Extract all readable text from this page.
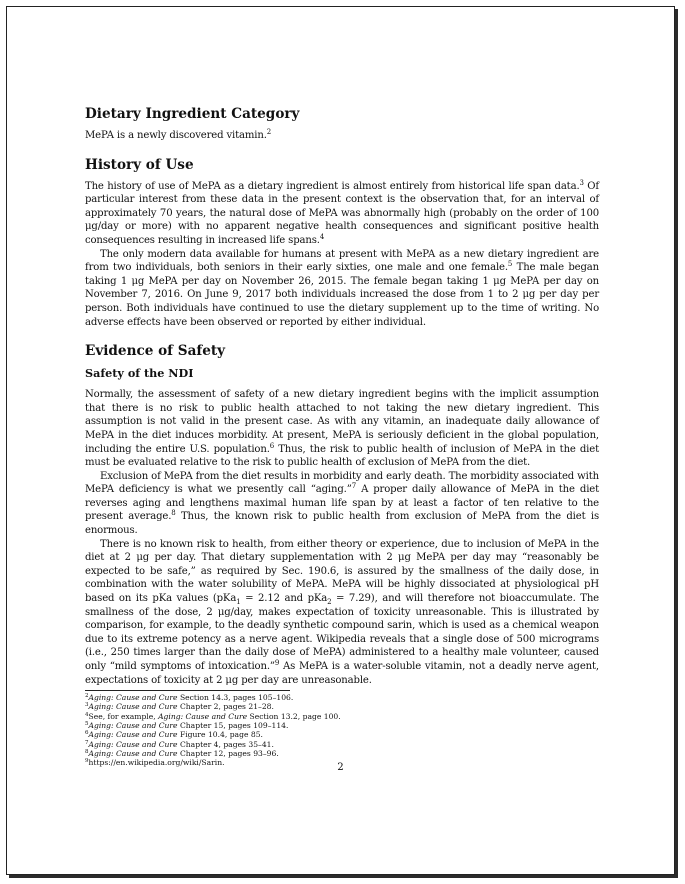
Dietary Ingredient Category

MePA is a newly discovered vitamin.$^2$

History of Use

The history of use of MePA as a dietary ingredient is almost entirely from historical life span data.$^3$ Of particular interest from these data in the present context is the observation that, for an interval of approximately 70 years, the natural dose of MePA was abnormally high (probably on the order of 100 μg/day or more) with no apparent negative health consequences and significant positive health consequences resulting in increased life spans.$^4$

The only modern data available for humans at present with MePA as a new dietary ingredient are from two individuals, both seniors in their early sixties, one male and one female.$^5$ The male began taking 1 μg MePA per day on November 26, 2015. The female began taking 1 μg MePA per day on November 7, 2016. On June 9, 2017 both individuals increased the dose from 1 to 2 μg per day per person. Both individuals have continued to use the dietary supplement up to the time of writing. No adverse effects have been observed or reported by either individual.

Evidence of Safety
Safety of the NDI

Normally, the assessment of safety of a new dietary ingredient begins with the implicit assumption that there is no risk to public health attached to not taking the new dietary ingredient. This assumption is not valid in the present case. As with any vitamin, an inadequate daily allowance of MePA in the diet induces morbidity. At present, MePA is seriously deficient in the global population, including the entire U.S. population.$^6$ Thus, the risk to public health of inclusion of MePA in the diet must be evaluated relative to the risk to public health of exclusion of MePA from the diet.

Exclusion of MePA from the diet results in morbidity and early death. The morbidity associated with MePA deficiency is what we presently call “aging.”$^7$ A proper daily allowance of MePA in the diet reverses aging and lengthens maximal human life span by at least a factor of ten relative to the present average.$^8$ Thus, the known risk to public health from exclusion of MePA from the diet is enormous.

There is no known risk to health, from either theory or experience, due to inclusion of MePA in the diet at 2 μg per day. That dietary supplementation with 2 μg MePA per day may “reasonably be expected to be safe,” as required by Sec. 190.6, is assured by the smallness of the daily dose, in combination with the water solubility of MePA. MePA will be highly dissociated at physiological pH based on its pKa values (pKa$_1$ = 2.12 and pKa$_2$ = 7.29), and will therefore not bioaccumulate. The smallness of the dose, 2 μg/day, makes expectation of toxicity unreasonable. This is illustrated by comparison, for example, to the deadly synthetic compound sarin, which is used as a chemical weapon due to its extreme potency as a nerve agent. Wikipedia reveals that a single dose of 500 micrograms (i.e., 250 times larger than the daily dose of MePA) administered to a healthy male volunteer, caused only “mild symptoms of intoxication.”$^9$ As MePA is a water-soluble vitamin, not a deadly nerve agent, expectations of toxicity at 2 μg per day are unreasonable.

$^2$Aging: Cause and Cure Section 14.3, pages 105–106.

$^3$Aging: Cause and Cure Chapter 2, pages 21–28.

$^4$See, for example, Aging: Cause and Cure Section 13.2, page 100.

$^5$Aging: Cause and Cure Chapter 15, pages 109–114.

$^6$Aging: Cause and Cure Figure 10.4, page 85.

$^7$Aging: Cause and Cure Chapter 4, pages 35–41.

$^8$Aging: Cause and Cure Chapter 12, pages 93–96.

$^9$https://en.wikipedia.org/wiki/Sarin.	2
